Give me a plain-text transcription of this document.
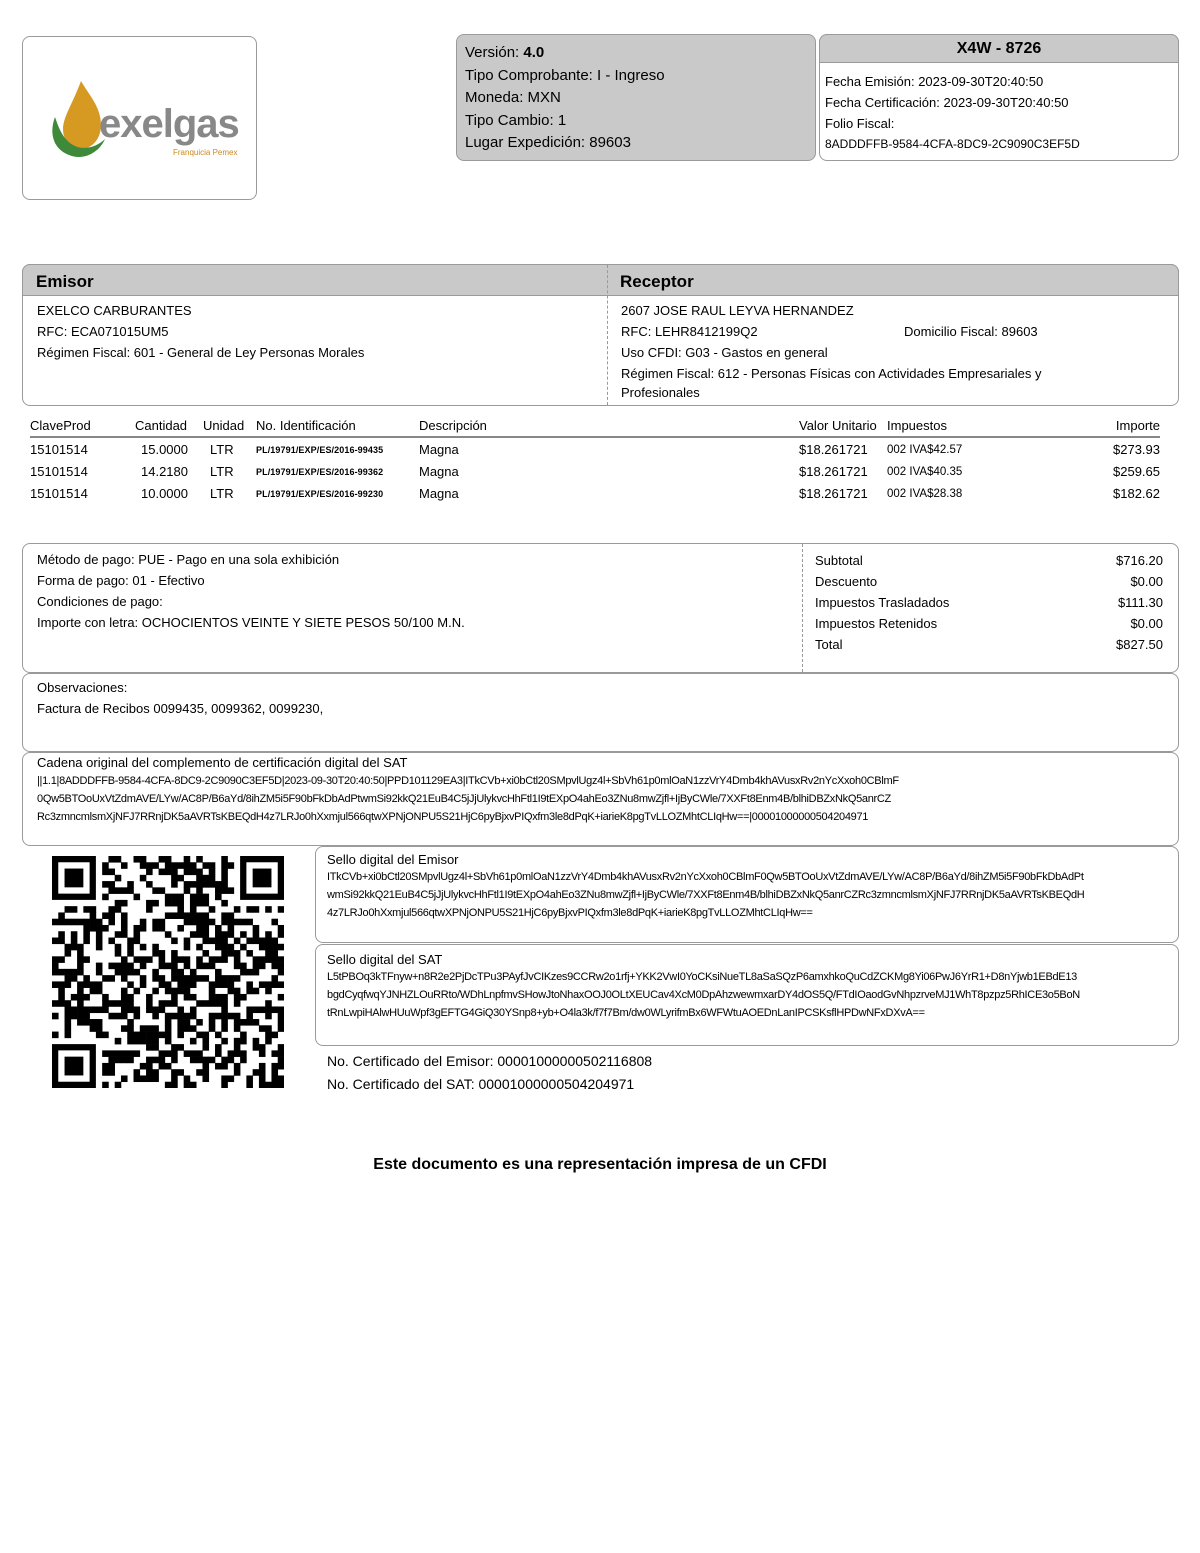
exelgas
Franquicia Pemex
Versión: 4.0
Tipo Comprobante: I - Ingreso
Moneda: MXN
Tipo Cambio: 1
Lugar Expedición: 89603
X4W - 8726
Fecha Emisión: 2023-09-30T20:40:50
Fecha Certificación: 2023-09-30T20:40:50
Folio Fiscal:
8ADDDFFB-9584-4CFA-8DC9-2C9090C3EF5D
Emisor	Receptor
EXELCO CARBURANTES
RFC: ECA071015UM5
Régimen Fiscal: 601 - General de Ley Personas Morales
2607 JOSE RAUL LEYVA HERNANDEZ
RFC: LEHR8412199Q2	Domicilio Fiscal: 89603
Uso CFDI: G03 - Gastos en general
Régimen Fiscal: 612 - Personas Físicas con Actividades Empresariales y
Profesionales
ClaveProd	Cantidad	Unidad	No. Identificación	Descripción	Valor Unitario	Impuestos	Importe
15101514	15.0000	LTR	PL/19791/EXP/ES/2016-99435	Magna	$18.261721	002 IVA$42.57	$273.93
15101514	14.2180	LTR	PL/19791/EXP/ES/2016-99362	Magna	$18.261721	002 IVA$40.35	$259.65
15101514	10.0000	LTR	PL/19791/EXP/ES/2016-99230	Magna	$18.261721	002 IVA$28.38	$182.62
Método de pago: PUE - Pago en una sola exhibición
Forma de pago: 01 - Efectivo
Condiciones de pago:
Importe con letra: OCHOCIENTOS VEINTE Y SIETE PESOS 50/100 M.N.
Subtotal	$716.20
Descuento	$0.00
Impuestos Trasladados	$111.30
Impuestos Retenidos	$0.00
Total	$827.50
Observaciones:
Factura de Recibos 0099435, 0099362, 0099230,
Cadena original del complemento de certificación digital del SAT
||1.1|8ADDDFFB-9584-4CFA-8DC9-2C9090C3EF5D|2023-09-30T20:40:50|PPD101129EA3|ITkCVb+xi0bCtl20SMpvlUgz4l+SbVh61p0mlOaN1zzVrY4Dmb4khAVusxRv2nYcXxoh0CBlmF
0Qw5BTOoUxVtZdmAVE/LYw/AC8P/B6aYd/8ihZM5i5F90bFkDbAdPtwmSi92kkQ21EuB4C5jJjUlykvcHhFtl1I9tEXpO4ahEo3ZNu8mwZjfl+IjByCWle/7XXFt8Enm4B/blhiDBZxNkQ5anrCZ
Rc3zmncmlsmXjNFJ7RRnjDK5aAVRTsKBEQdH4z7LRJo0hXxmjul566qtwXPNjONPU5S21HjC6pyBjxvPIQxfm3le8dPqK+iarieK8pgTvLLOZMhtCLIqHw==|00001000000504204971
Sello digital del Emisor
ITkCVb+xi0bCtl20SMpvlUgz4l+SbVh61p0mlOaN1zzVrY4Dmb4khAVusxRv2nYcXxoh0CBlmF0Qw5BTOoUxVtZdmAVE/LYw/AC8P/B6aYd/8ihZM5i5F90bFkDbAdPtwmSi92kkQ21EuB4C5jJjUlykvcHhFtl1I9tEXpO4ahEo3ZNu8mwZjfl+IjByCWle/7XXFt8Enm4B/blhiDBZxNkQ5anrCZRc3zmncmlsmXjNFJ7RRnjDK5aAVRTsKBEQdH4z7LRJo0hXxmjul566qtwXPNjONPU5S21HjC6pyBjxvPIQxfm3le8dPqK+iarieK8pgTvLLOZMhtCLIqHw==
Sello digital del SAT
L5tPBOq3kTFnyw+n8R2e2PjDcTPu3PAyfJvCIKzes9CCRw2o1rfj+YKK2VwI0YoCKsiNueTL8aSaSQzP6amxhkoQuCdZCKMg8Yi06PwJ6YrR1+D8nYjwb1EBdE13bgdCyqfwqYJNHZLOuRRto/WDhLnpfmvSHowJtoNhaxOOJ0OLtXEUCav4XcM0DpAhzwewmxarDY4dOS5Q/FTdIOaodGvNhpzrveMJ1WhT8pzpz5RhICE3o5BoNtRnLwpiHAlwHUuWpf3gEFTG4GiQ30YSnp8+yb+O4la3k/f7f7Bm/dw0WLyrifmBx6WFWtuAOEDnLanIPCSKsflHPDwNFxDXvA==
No. Certificado del Emisor: 00001000000502116808
No. Certificado del SAT: 00001000000504204971
Este documento es una representación impresa de un CFDI
